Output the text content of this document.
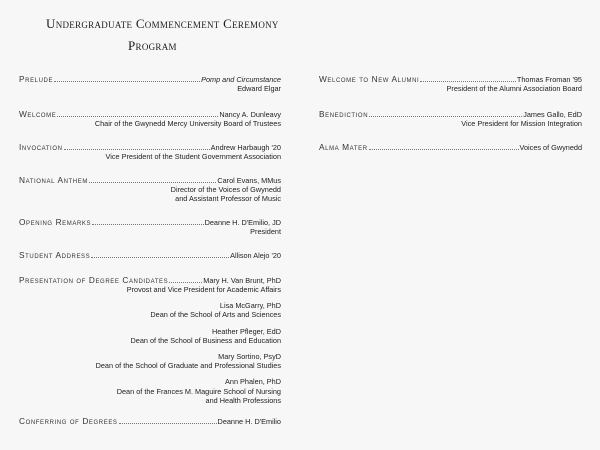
Undergraduate Commencement Ceremony
Program
Prelude	Pomp and Circumstance
Edward Elgar
Welcome	Nancy A. Dunleavy
Chair of the Gwynedd Mercy University Board of Trustees
Invocation	Andrew Harbaugh '20
Vice President of the Student Government Association
National Anthem	Carol Evans, MMus
Director of the Voices of Gwynedd
and Assistant Professor of Music
Opening Remarks	Deanne H. D'Emilio, JD
President
Student Address	Allison Alejo '20
Presentation of Degree Candidates	Mary H. Van Brunt, PhD
Provost and Vice President for Academic Affairs
Lisa McGarry, PhD
Dean of the School of Arts and Sciences
Heather Pfleger, EdD
Dean of the School of Business and Education
Mary Sortino, PsyD
Dean of the School of Graduate and Professional Studies
Ann Phalen, PhD
Dean of the Frances M. Maguire School of Nursing
and Health Professions
Conferring of Degrees	Deanne H. D'Emilio
Welcome to New Alumni	Thomas Froman '95
President of the Alumni Association Board
Benediction	James Gallo, EdD
Vice President for Mission Integration
Alma Mater	Voices of Gwynedd
